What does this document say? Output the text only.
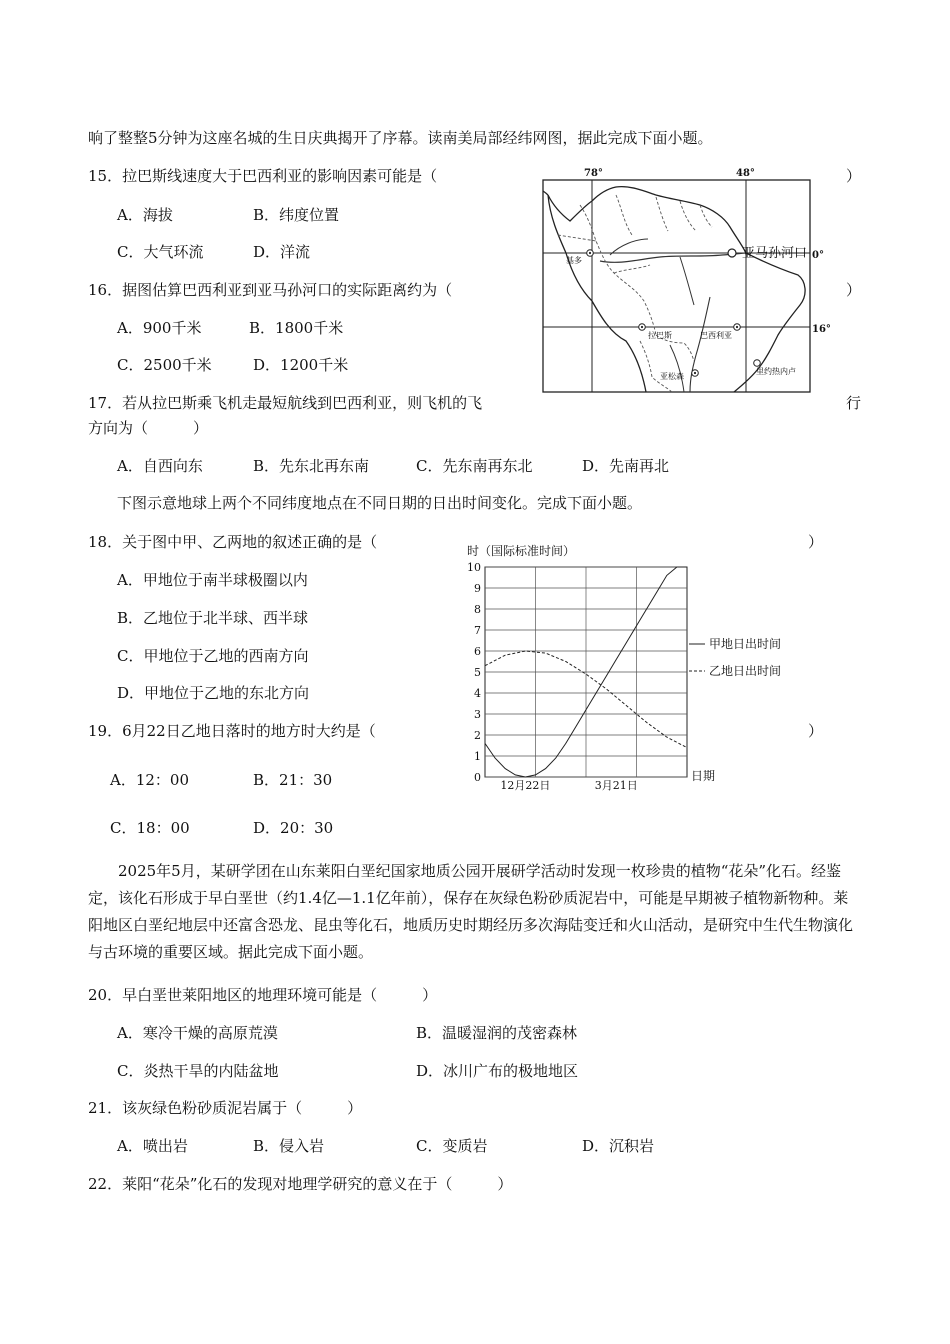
响了整整5分钟为这座名城的生日庆典揭开了序幕。读南美局部经纬网图，据此完成下面小题。
15．拉巴斯线速度大于巴西利亚的影响因素可能是（	）
A．海拔	B．纬度位置
C．大气环流	D．洋流
16．据图估算巴西利亚到亚马孙河口的实际距离约为（	）
A．900千米	B．1800千米
C．2500千米	D．1200千米
17．若从拉巴斯乘飞机走最短航线到巴西利亚，则飞机的飞	行
方向为（　　　）
A．自西向东	B．先东北再东南	C．先东南再东北	D．先南再北
78°	48°
0°
16°
基多	亚马孙河口
拉巴斯	巴西利亚
亚松森
里约热内卢
下图示意地球上两个不同纬度地点在不同日期的日出时间变化。完成下面小题。
18．关于图中甲、乙两地的叙述正确的是（	）
A．甲地位于南半球极圈以内
B．乙地位于北半球、西半球
C．甲地位于乙地的西南方向
D．甲地位于乙地的东北方向
19．6月22日乙地日落时的地方时大约是（	）
A．12：00	B．21：30
C．18：00	D．20：30
时（国际标准时间）
0
1
2
3
4
5
6
7
8
9
10
12月22日	3月21日
日期
甲地日出时间
乙地日出时间
2025年5月，某研学团在山东莱阳白垩纪国家地质公园开展研学活动时发现一枚珍贵的植物“花朵”化石。经鉴定，该化石形成于早白垩世（约1.4亿—1.1亿年前），保存在灰绿色粉砂质泥岩中，可能是早期被子植物新物种。莱阳地区白垩纪地层中还富含恐龙、昆虫等化石，地质历史时期经历多次海陆变迁和火山活动，是研究中生代生物演化与古环境的重要区域。据此完成下面小题。
20．早白垩世莱阳地区的地理环境可能是（　　　）
A．寒冷干燥的高原荒漠	B．温暖湿润的茂密森林
C．炎热干旱的内陆盆地	D．冰川广布的极地地区
21．该灰绿色粉砂质泥岩属于（　　　）
A．喷出岩	B．侵入岩	C．变质岩	D．沉积岩
22．莱阳“花朵”化石的发现对地理学研究的意义在于（　　　）
